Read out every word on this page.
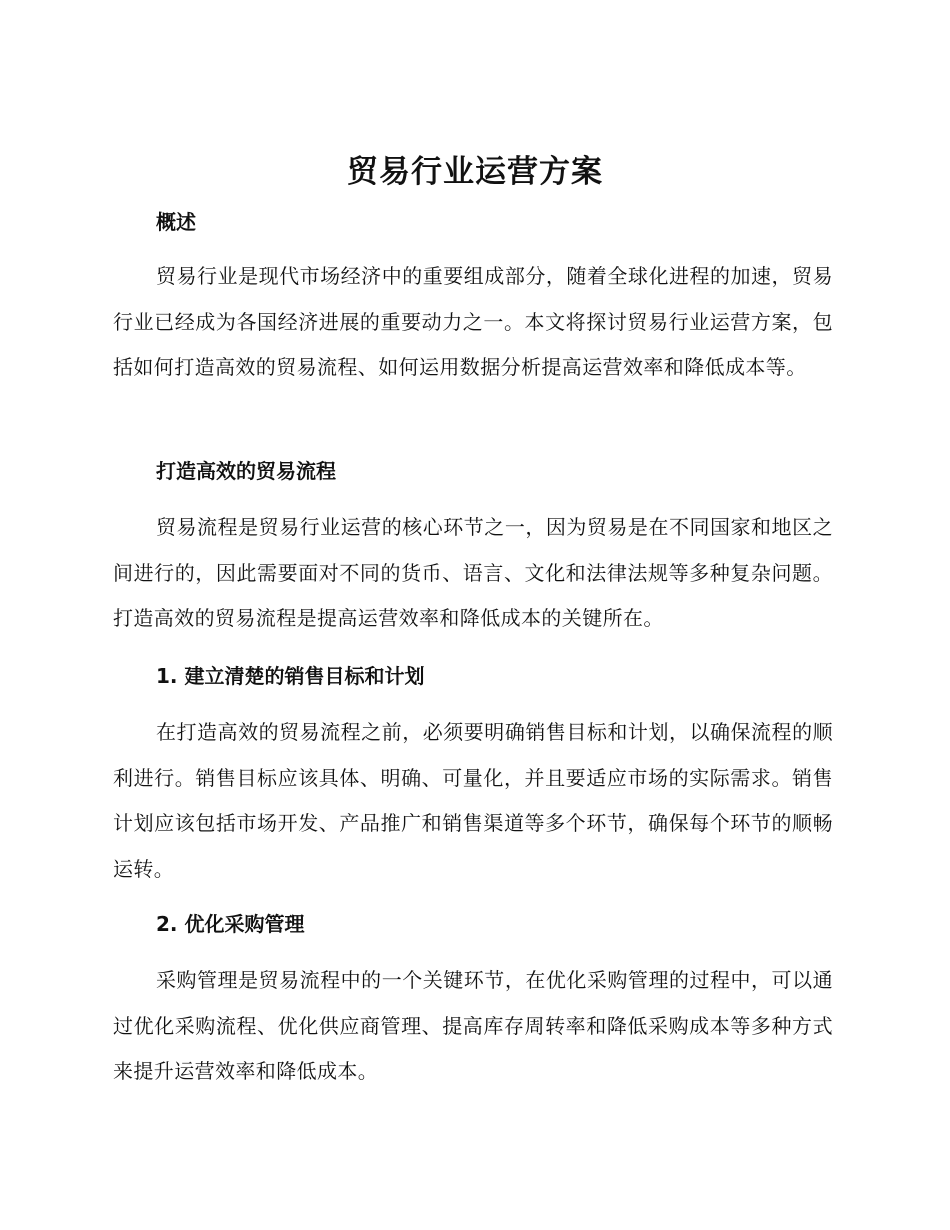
贸易行业运营方案
概述
贸易行业是现代市场经济中的重要组成部分，随着全球化进程的加速，贸易行业已经成为各国经济进展的重要动力之一。本文将探讨贸易行业运营方案，包括如何打造高效的贸易流程、如何运用数据分析提高运营效率和降低成本等。
打造高效的贸易流程
贸易流程是贸易行业运营的核心环节之一，因为贸易是在不同国家和地区之间进行的，因此需要面对不同的货币、语言、文化和法律法规等多种复杂问题。打造高效的贸易流程是提高运营效率和降低成本的关键所在。
1. 建立清楚的销售目标和计划
在打造高效的贸易流程之前，必须要明确销售目标和计划，以确保流程的顺利进行。销售目标应该具体、明确、可量化，并且要适应市场的实际需求。销售计划应该包括市场开发、产品推广和销售渠道等多个环节，确保每个环节的顺畅运转。
2. 优化采购管理
采购管理是贸易流程中的一个关键环节，在优化采购管理的过程中，可以通过优化采购流程、优化供应商管理、提高库存周转率和降低采购成本等多种方式来提升运营效率和降低成本。
